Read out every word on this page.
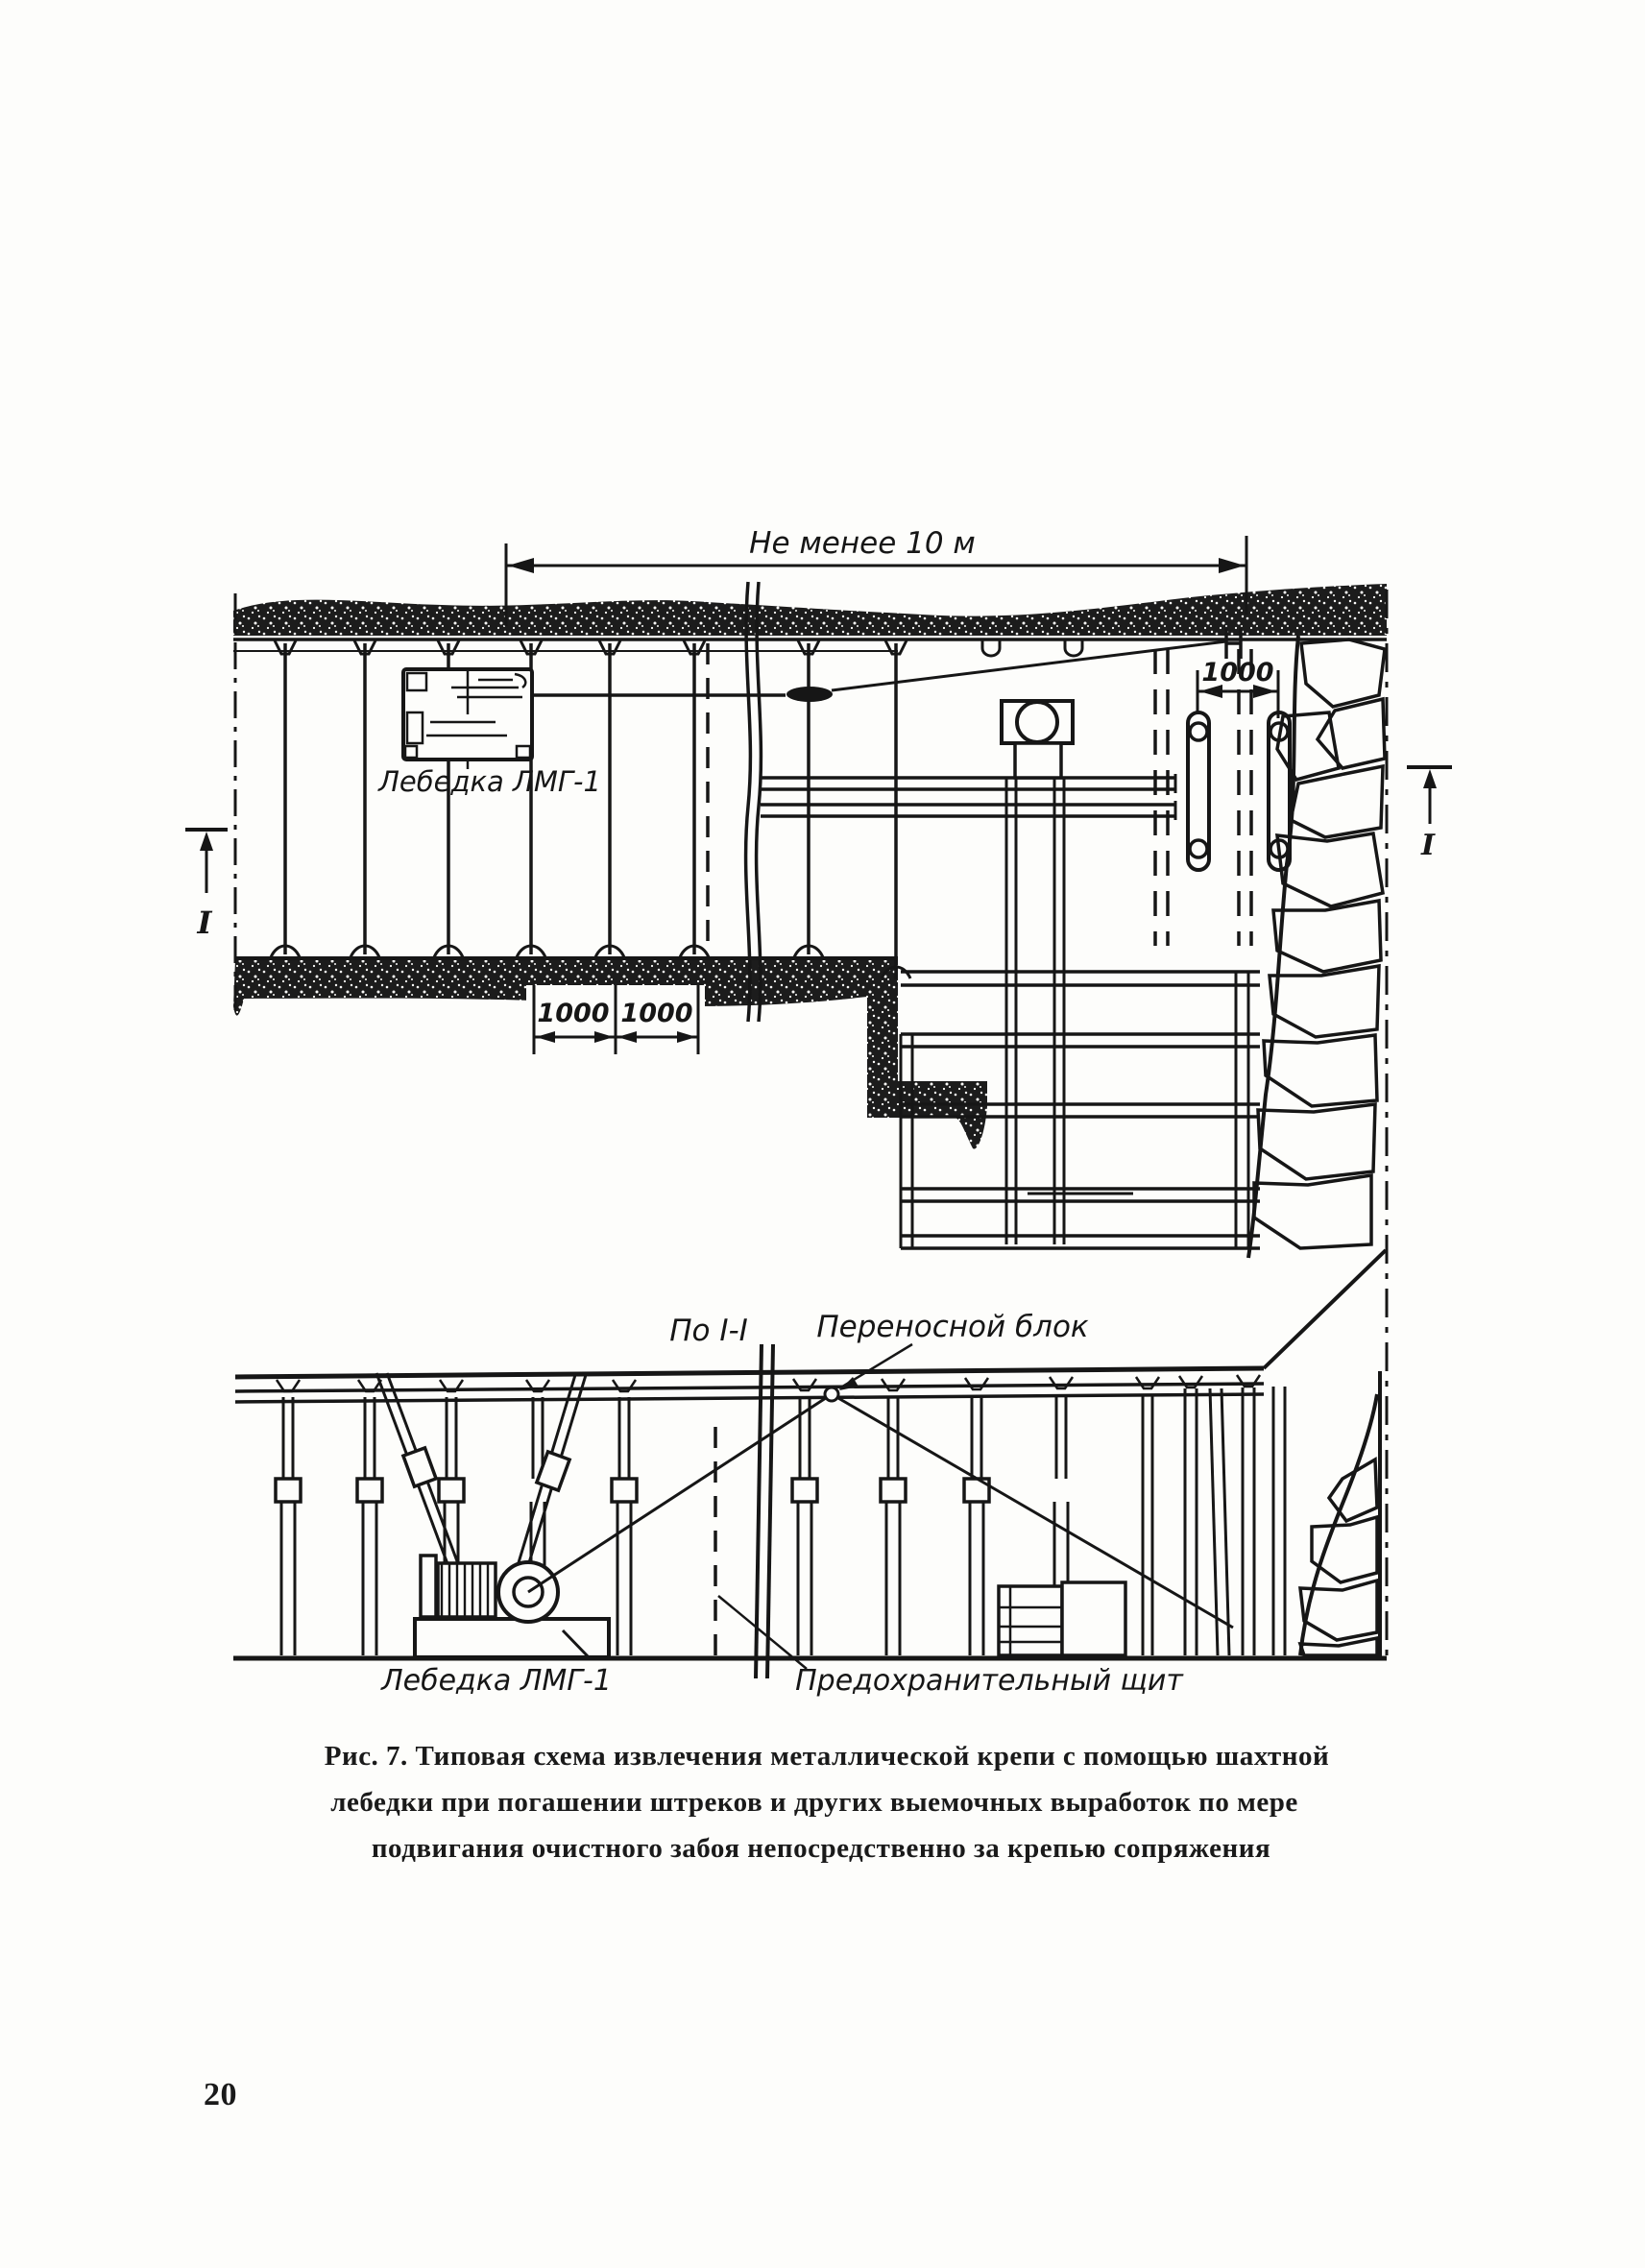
Лебедка ЛМГ-1
Не менее 10 м
1000
1000 1000
I
I
По I-I Переносной блок
Лебедка ЛМГ-1	Предохранительный щит
Рис. 7. Типовая схема извлечения металлической крепи с помощью шахтной
лебедки при погашении штреков и других выемочных выработок по мере
подвигания очистного забоя непосредственно за крепью сопряжения
20
